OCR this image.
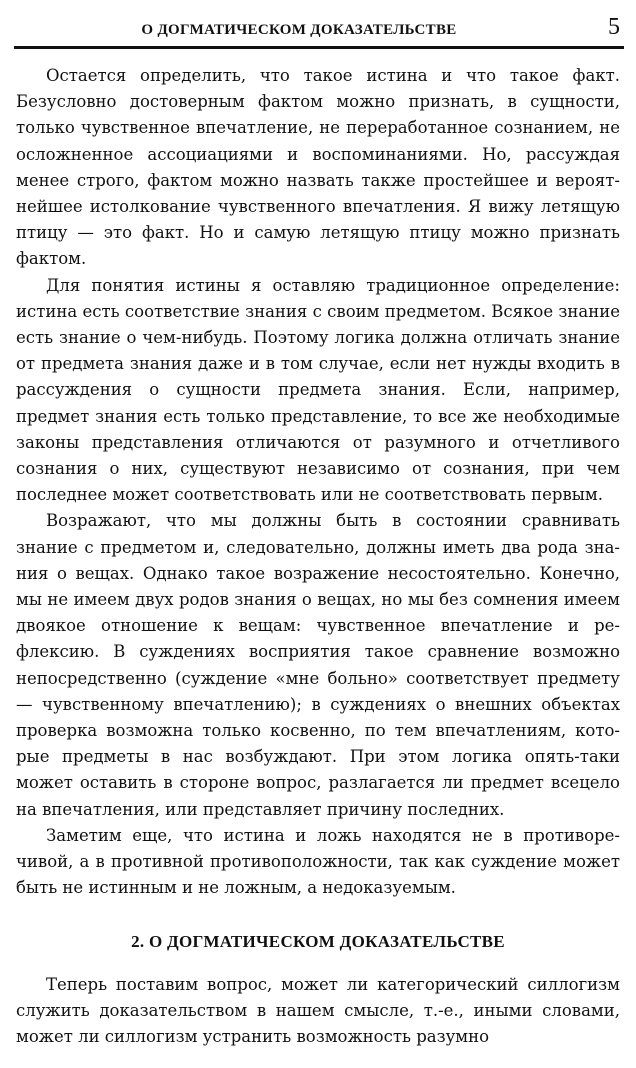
О ДОГМАТИЧЕСКОМ ДОКАЗАТЕЛЬСТВЕ	5

Остается определить, что такое истина и что такое факт. Безусловно достоверным фактом можно признать, в сущности, только чувственное впечатление, не переработанное сознанием, не осложненное ассоциациями и воспоминаниями. Но, рассуждая менее строго, фактом можно назвать также простейшее и вероятнейшее истолкование чувственного впечатления. Я вижу летящую птицу — это факт. Но и самую летящую птицу можно признать фактом.

Для понятия истины я оставляю традиционное определение: истина есть соответствие знания с своим предметом. Всякое знание есть знание о чем-нибудь. Поэтому логика должна отличать знание от предмета знания даже и в том случае, если нет нужды входить в рассуждения о сущности предмета знания. Если, например, предмет знания есть только представление, то все же необходимые законы представления отличаются от разумного и отчетливого сознания о них, существуют независимо от сознания, при чем последнее может соответствовать или не соответствовать первым.

Возражают, что мы должны быть в состоянии сравнивать знание с предметом и, следовательно, должны иметь два рода знания о вещах. Однако такое возражение несостоятельно. Конечно, мы не имеем двух родов знания о вещах, но мы без сомнения имеем двоякое отношение к вещам: чувственное впечатление и рефлексию. В суждениях восприятия такое сравнение возможно непосредственно (суждение «мне больно» соответствует предмету— чувственному впечатлению); в суждениях о внешних объектах проверка возможна только косвенно, по тем впечатлениям, которые предметы в нас возбуждают. При этом логика опять-таки может оставить в стороне вопрос, разлагается ли предмет всецело на впечатления, или представляет причину последних.

Заметим еще, что истина и ложь находятся не в противоречивой, а в противной противоположности, так как суждение может быть не истинным и не ложным, а недоказуемым.

2. О ДОГМАТИЧЕСКОМ ДОКАЗАТЕЛЬСТВЕ

Теперь поставим вопрос, может ли категорический силлогизм служить доказательством в нашем смысле, т.-е., иными словами, может ли силлогизм устранить возможность разумно
